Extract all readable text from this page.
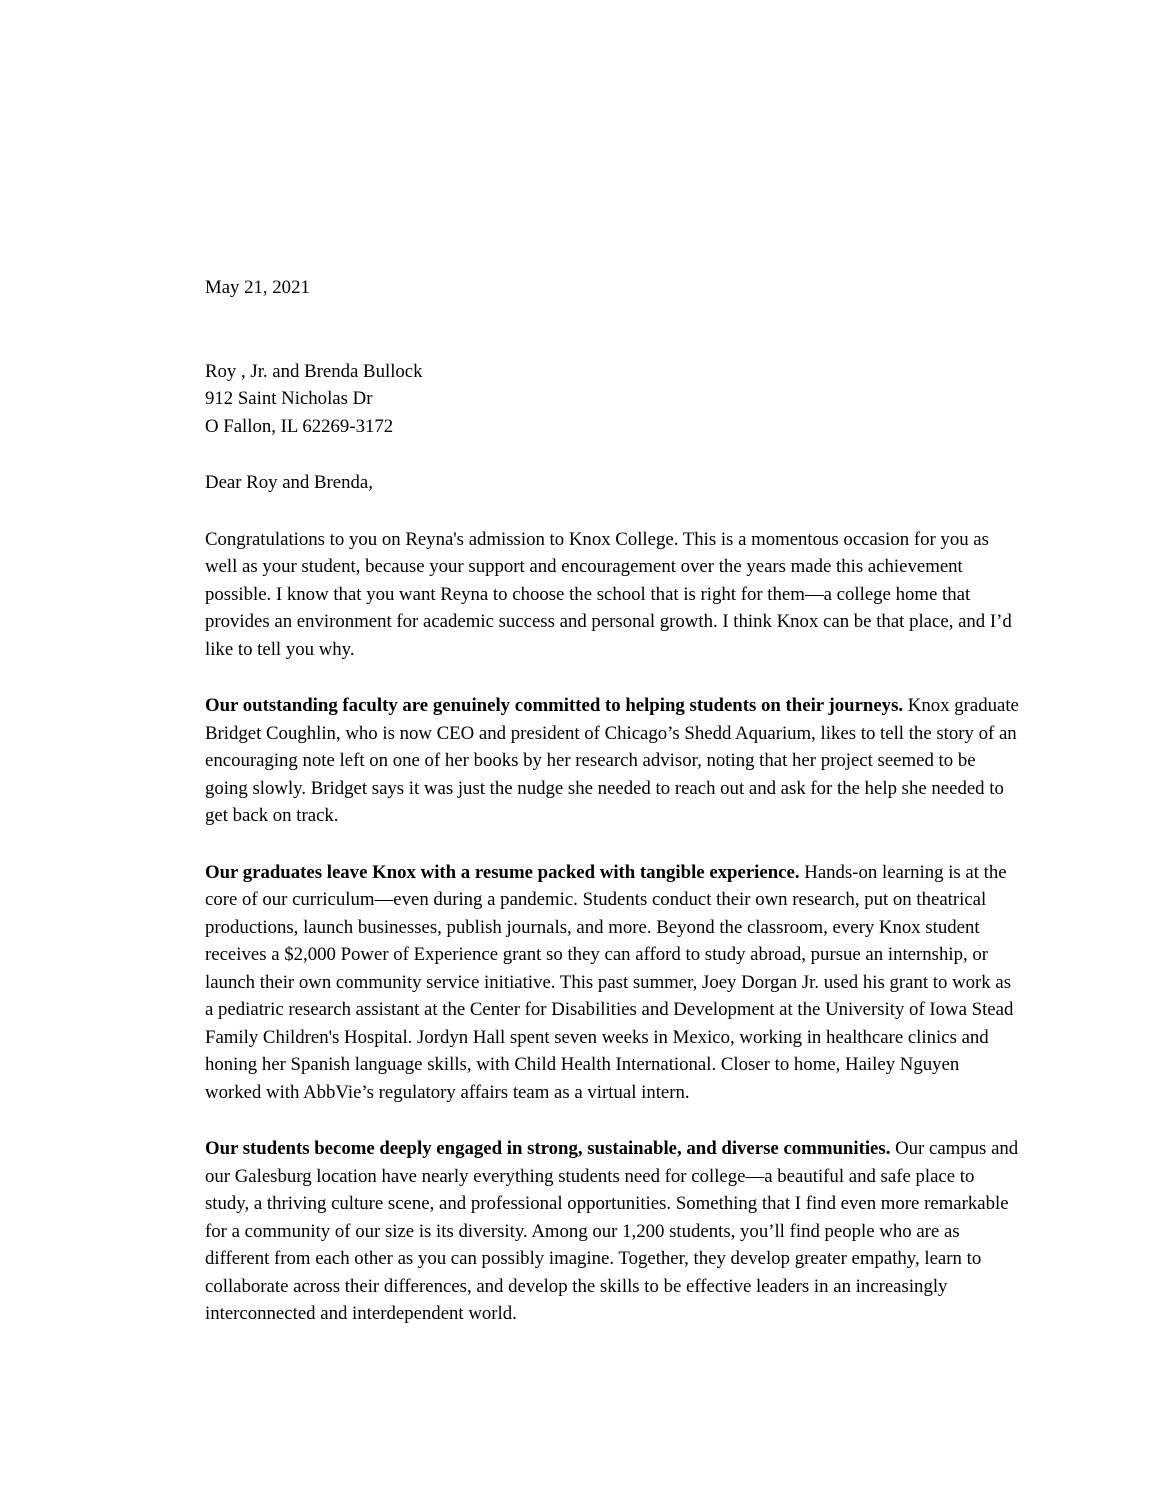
May 21, 2021

Roy , Jr. and Brenda Bullock
912 Saint Nicholas Dr
O Fallon, IL 62269-3172

Dear Roy and Brenda,

Congratulations to you on Reyna's admission to Knox College. This is a momentous occasion for you as well as your student, because your support and encouragement over the years made this achievement possible. I know that you want Reyna to choose the school that is right for them—a college home that provides an environment for academic success and personal growth. I think Knox can be that place, and I’d like to tell you why.

Our outstanding faculty are genuinely committed to helping students on their journeys. Knox graduate Bridget Coughlin, who is now CEO and president of Chicago’s Shedd Aquarium, likes to tell the story of an encouraging note left on one of her books by her research advisor, noting that her project seemed to be going slowly. Bridget says it was just the nudge she needed to reach out and ask for the help she needed to get back on track.

Our graduates leave Knox with a resume packed with tangible experience. Hands-on learning is at the core of our curriculum—even during a pandemic. Students conduct their own research, put on theatrical productions, launch businesses, publish journals, and more. Beyond the classroom, every Knox student receives a $2,000 Power of Experience grant so they can afford to study abroad, pursue an internship, or launch their own community service initiative. This past summer, Joey Dorgan Jr. used his grant to work as a pediatric research assistant at the Center for Disabilities and Development at the University of Iowa Stead Family Children's Hospital. Jordyn Hall spent seven weeks in Mexico, working in healthcare clinics and honing her Spanish language skills, with Child Health International. Closer to home, Hailey Nguyen worked with AbbVie’s regulatory affairs team as a virtual intern.

Our students become deeply engaged in strong, sustainable, and diverse communities. Our campus and our Galesburg location have nearly everything students need for college—a beautiful and safe place to study, a thriving culture scene, and professional opportunities. Something that I find even more remarkable for a community of our size is its diversity. Among our 1,200 students, you’ll find people who are as different from each other as you can possibly imagine. Together, they develop greater empathy, learn to collaborate across their differences, and develop the skills to be effective leaders in an increasingly interconnected and interdependent world.
